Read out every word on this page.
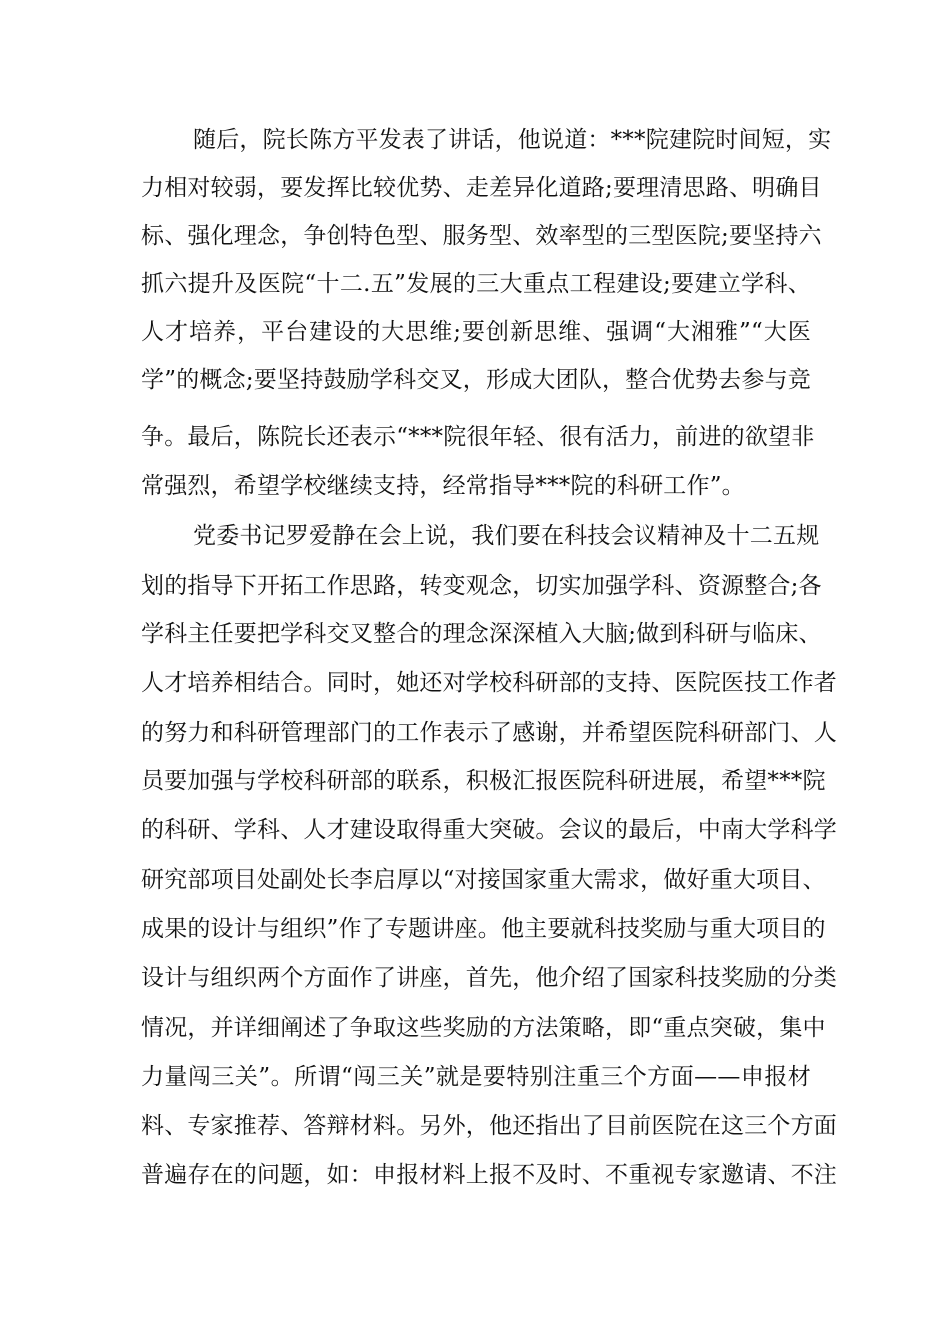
随后，院长陈方平发表了讲话，他说道：***院建院时间短，实
力相对较弱，要发挥比较优势、走差异化道路;要理清思路、明确目
标、强化理念，争创特色型、服务型、效率型的三型医院;要坚持六
抓六提升及医院“十二.五”发展的三大重点工程建设;要建立学科、
人才培养，平台建设的大思维;要创新思维、强调“大湘雅”“大医
学”的概念;要坚持鼓励学科交叉，形成大团队，整合优势去参与竞
争。最后，陈院长还表示“***院很年轻、很有活力，前进的欲望非
常强烈，希望学校继续支持，经常指导***院的科研工作”。
党委书记罗爱静在会上说，我们要在科技会议精神及十二五规
划的指导下开拓工作思路，转变观念，切实加强学科、资源整合;各
学科主任要把学科交叉整合的理念深深植入大脑;做到科研与临床、
人才培养相结合。同时，她还对学校科研部的支持、医院医技工作者
的努力和科研管理部门的工作表示了感谢，并希望医院科研部门、人
员要加强与学校科研部的联系，积极汇报医院科研进展，希望***院
的科研、学科、人才建设取得重大突破。会议的最后，中南大学科学
研究部项目处副处长李启厚以“对接国家重大需求，做好重大项目、
成果的设计与组织”作了专题讲座。他主要就科技奖励与重大项目的
设计与组织两个方面作了讲座，首先，他介绍了国家科技奖励的分类
情况，并详细阐述了争取这些奖励的方法策略，即“重点突破，集中
力量闯三关”。所谓“闯三关”就是要特别注重三个方面——申报材
料、专家推荐、答辩材料。另外，他还指出了目前医院在这三个方面
普遍存在的问题，如：申报材料上报不及时、不重视专家邀请、不注
